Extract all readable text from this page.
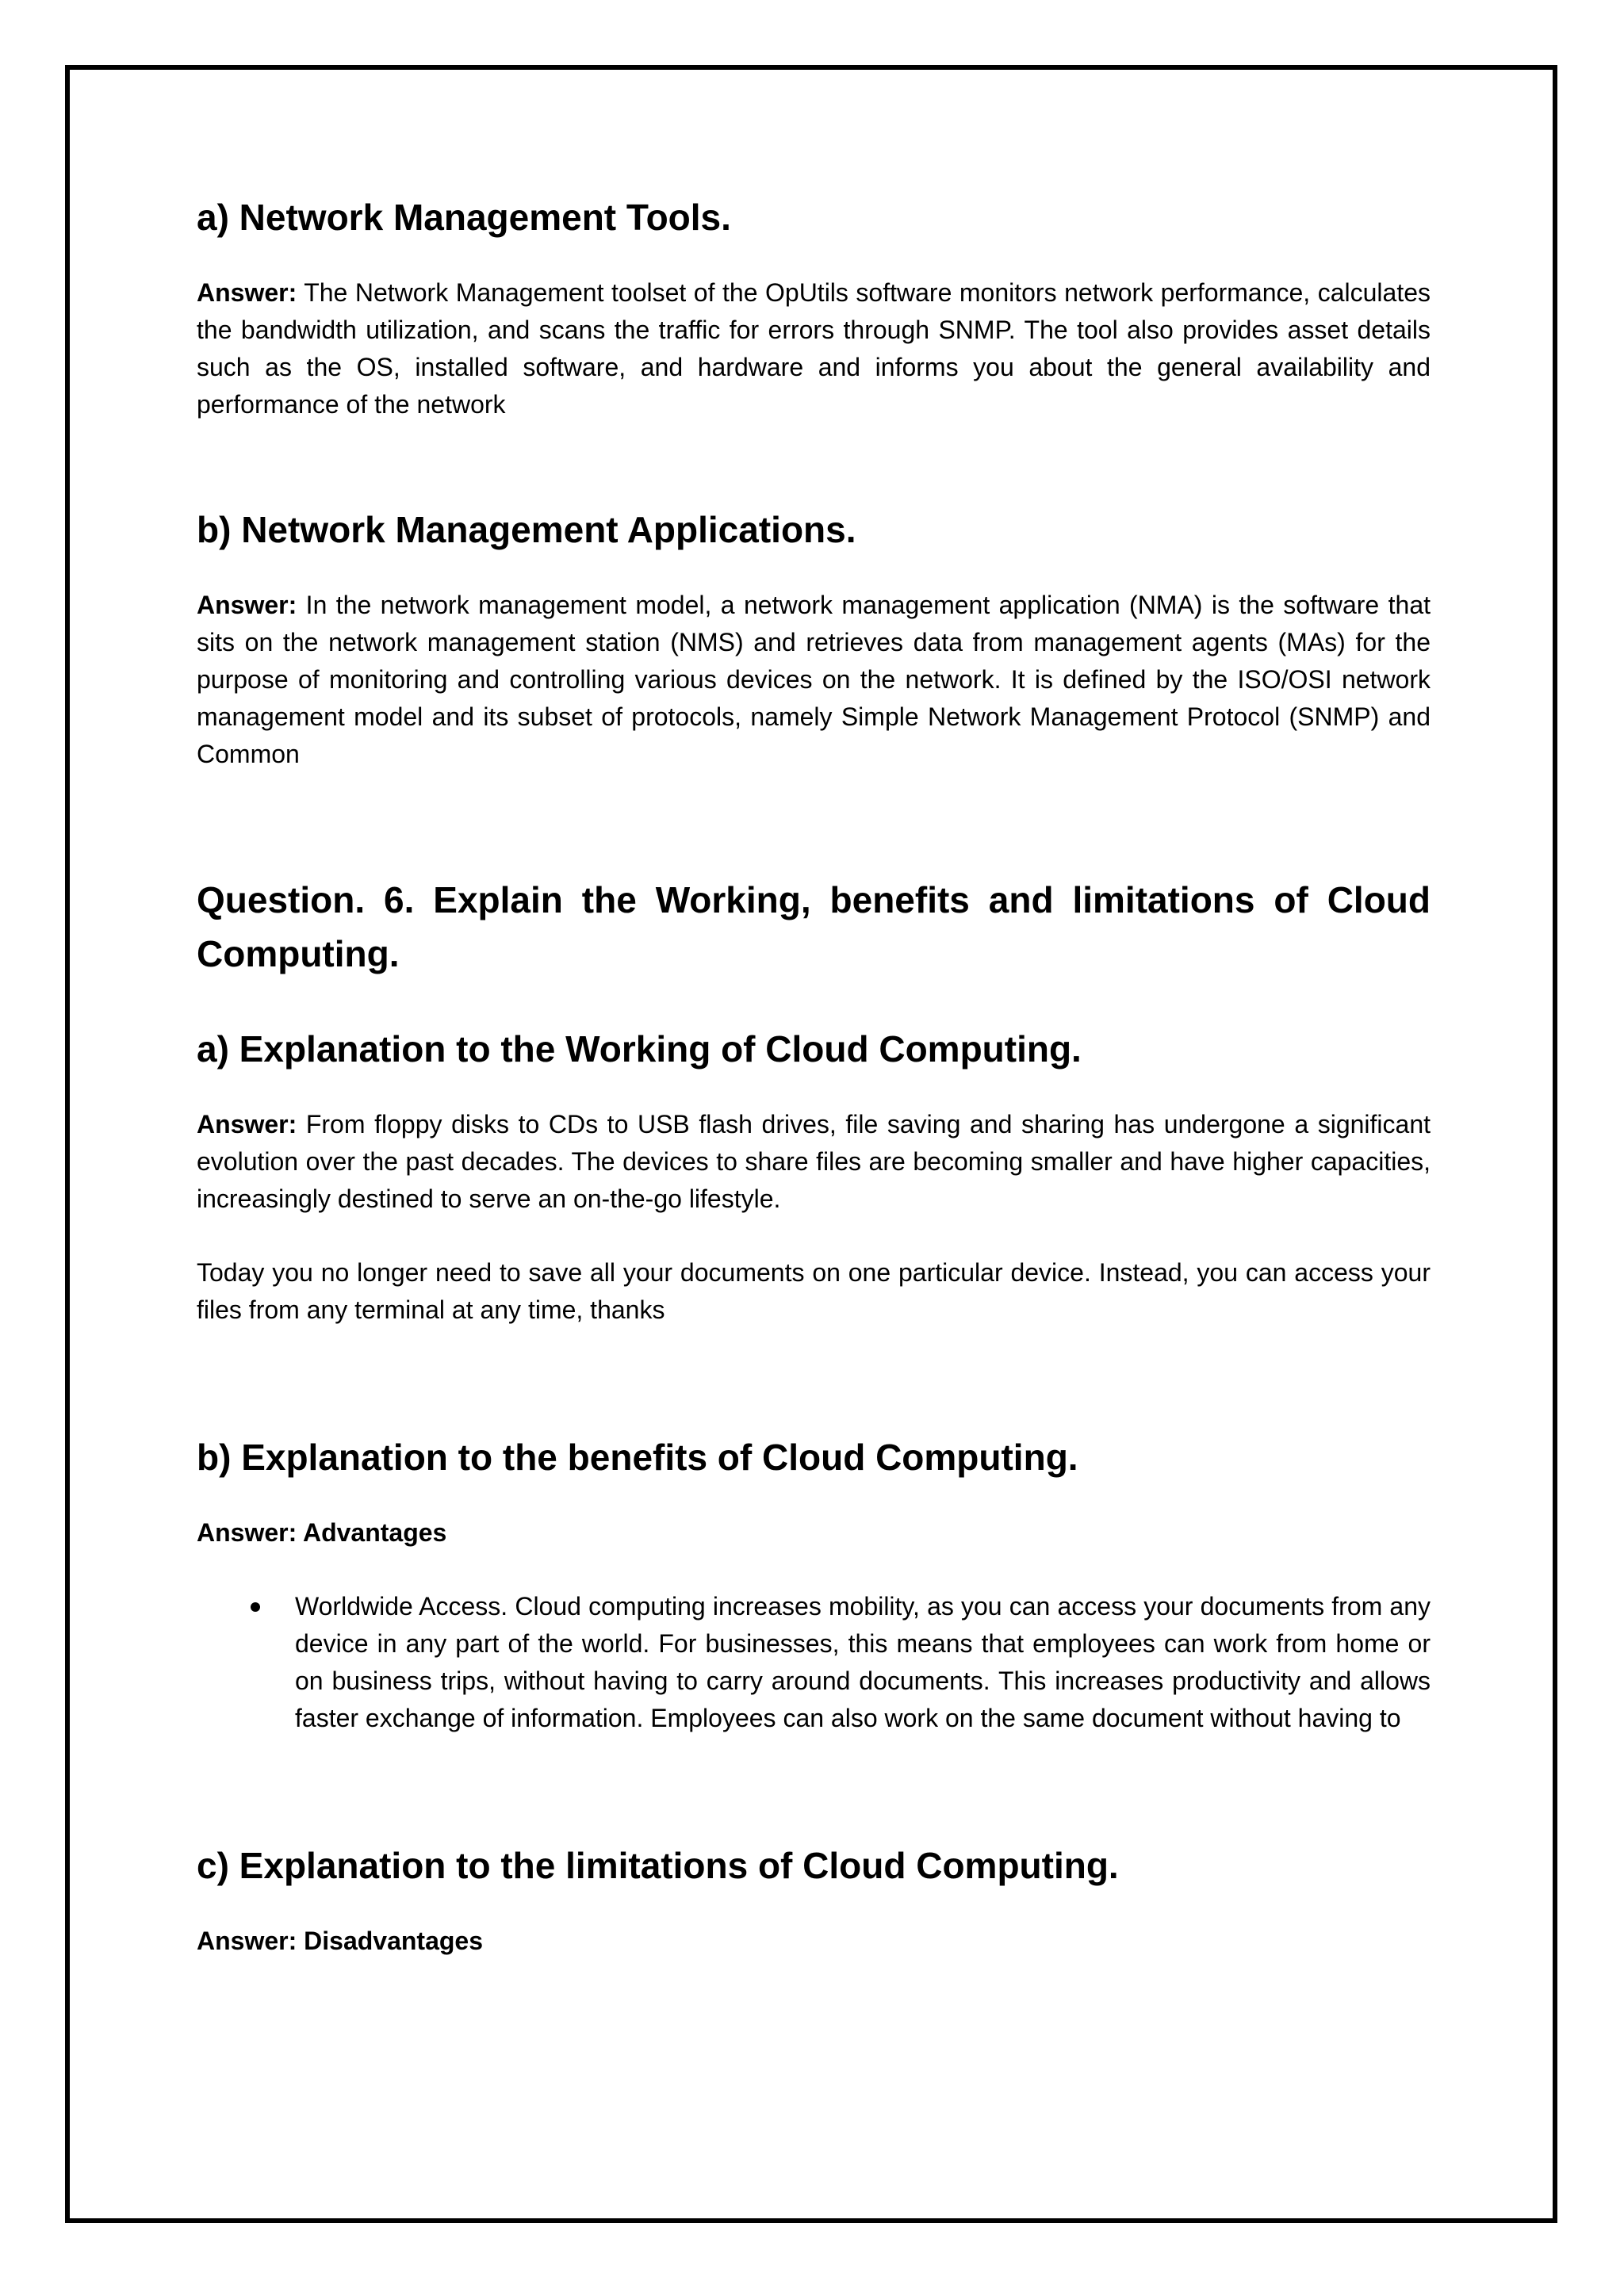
a) Network Management Tools.

Answer: The Network Management toolset of the OpUtils software monitors network performance, calculates the bandwidth utilization, and scans the traffic for errors through SNMP. The tool also provides asset details such as the OS, installed software, and hardware and informs you about the general availability and performance of the network

b) Network Management Applications.

Answer: In the network management model, a network management application (NMA) is the software that sits on the network management station (NMS) and retrieves data from management agents (MAs) for the purpose of monitoring and controlling various devices on the network. It is defined by the ISO/OSI network management model and its subset of protocols, namely Simple Network Management Protocol (SNMP) and Common

Question. 6. Explain the Working, benefits and limitations of Cloud Computing.
a) Explanation to the Working of Cloud Computing.

Answer: From floppy disks to CDs to USB flash drives, file saving and sharing has undergone a significant evolution over the past decades. The devices to share files are becoming smaller and have higher capacities, increasingly destined to serve an on-the-go lifestyle.

Today you no longer need to save all your documents on one particular device. Instead, you can access your files from any terminal at any time, thanks

b) Explanation to the benefits of Cloud Computing.

Answer: Advantages

Worldwide Access. Cloud computing increases mobility, as you can access your documents from any device in any part of the world. For businesses, this means that employees can work from home or on business trips, without having to carry around documents. This increases productivity and allows faster exchange of information. Employees can also work on the same document without having to
c) Explanation to the limitations of Cloud Computing.

Answer: Disadvantages
